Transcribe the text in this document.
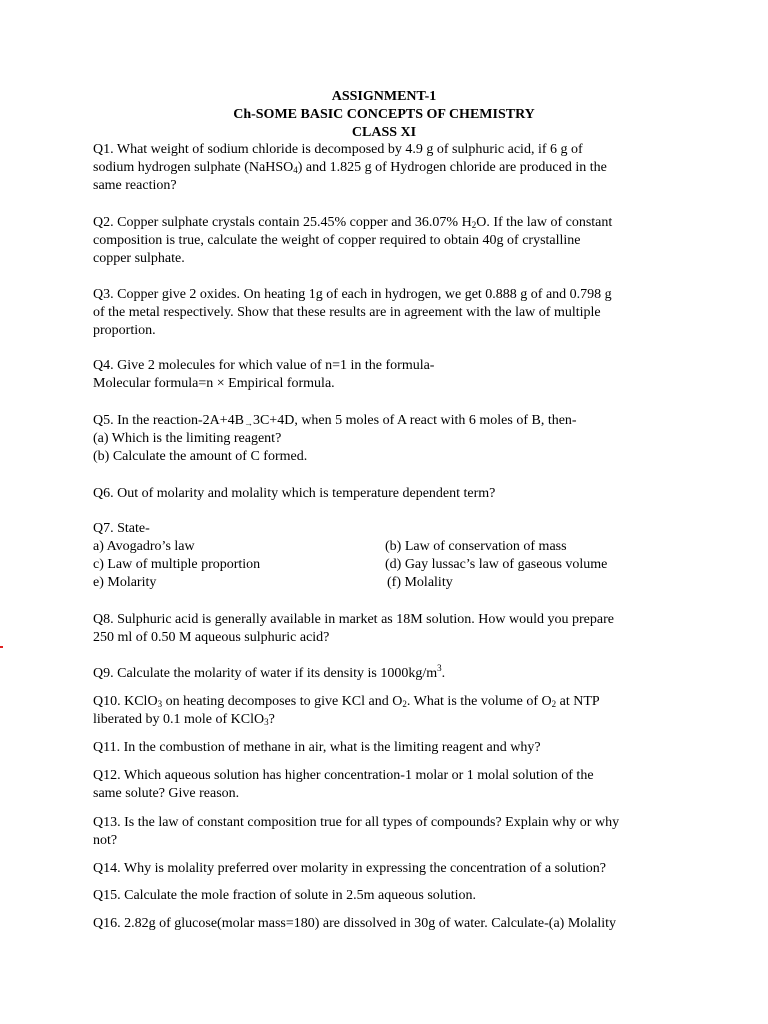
ASSIGNMENT-1
Ch-SOME BASIC CONCEPTS OF CHEMISTRY
CLASS XI
Q1. What weight of sodium chloride is decomposed by 4.9 g of sulphuric acid, if 6 g of
sodium hydrogen sulphate (NaHSO$_4$) and 1.825 g of Hydrogen chloride are produced in the
same reaction?
Q2. Copper sulphate crystals contain 25.45% copper and 36.07% $H_2O$. If the law of constant
composition is true, calculate the weight of copper required to obtain 40g of crystalline
copper sulphate.
Q3. Copper give 2 oxides. On heating 1g of each in hydrogen, we get 0.888 g of and 0.798 g
of the metal respectively. Show that these results are in agreement with the law of multiple
proportion.
Q4. Give 2 molecules for which value of n=1 in the formula-
Molecular formula=n × Empirical formula.
Q5. In the reaction-2A+4B→3C+4D, when 5 moles of A react with 6 moles of B, then-
(a) Which is the limiting reagent?
(b) Calculate the amount of C formed.
Q6. Out of molarity and molality which is temperature dependent term?
Q7. State-
a) Avogadro’s law	(b) Law of conservation of mass
c) Law of multiple proportion	(d) Gay lussac’s law of gaseous volume
e) Molarity	(f) Molality
Q8. Sulphuric acid is generally available in market as 18M solution. How would you prepare
250 ml of 0.50 M aqueous sulphuric acid?
Q9. Calculate the molarity of water if its density is $1000kg/m^3$.
Q10. KClO$_3$ on heating decomposes to give KCl and $O_2$. What is the volume of $O_2$ at NTP
liberated by 0.1 mole of KClO$_3$?
Q11. In the combustion of methane in air, what is the limiting reagent and why?
Q12. Which aqueous solution has higher concentration-1 molar or 1 molal solution of the
same solute? Give reason.
Q13. Is the law of constant composition true for all types of compounds? Explain why or why
not?
Q14. Why is molality preferred over molarity in expressing the concentration of a solution?
Q15. Calculate the mole fraction of solute in 2.5m aqueous solution.
Q16. 2.82g of glucose(molar mass=180) are dissolved in 30g of water. Calculate-(a) Molality
